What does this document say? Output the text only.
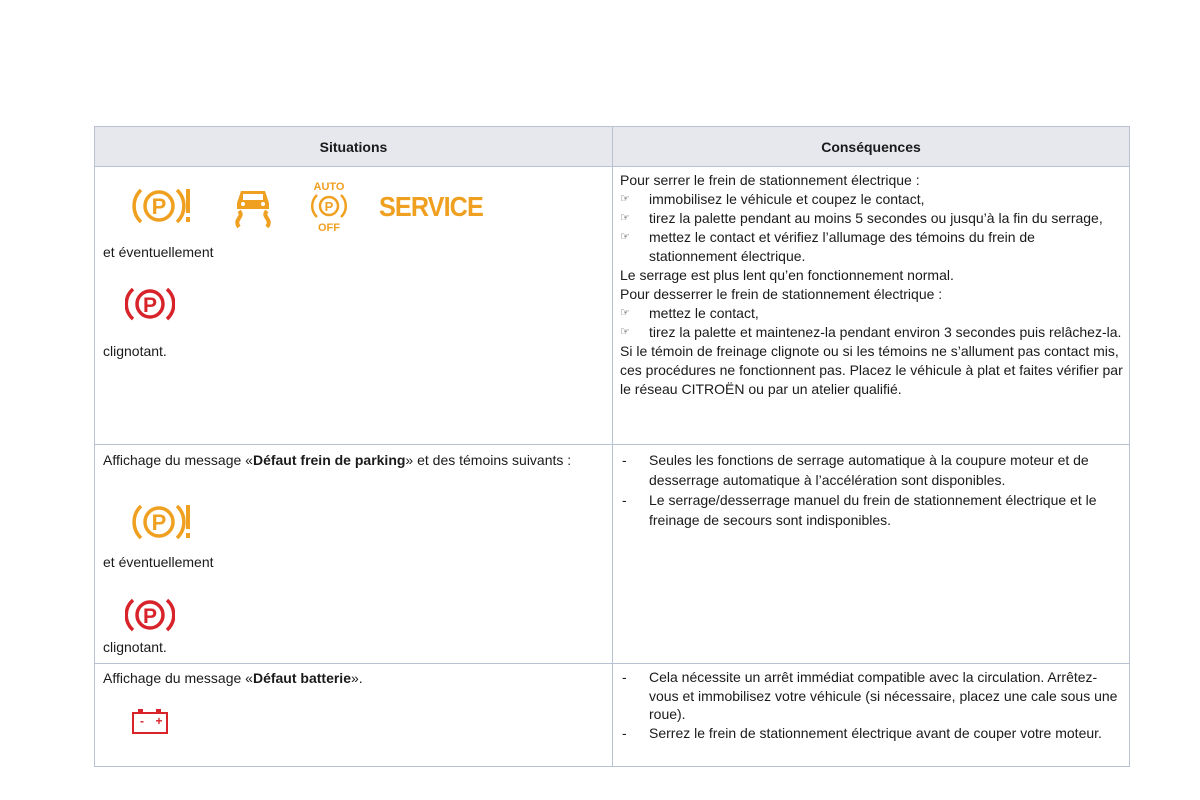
Situations	Conséquences
P
AUTO
P
OFF
SERVICE
et éventuellement
P
clignotant.
Pour serrer le frein de stationnement électrique :
☞ immobilisez le véhicule et coupez le contact,
☞ tirez la palette pendant au moins 5 secondes ou jusqu’à la fin du serrage,
☞ mettez le contact et vérifiez l’allumage des témoins du frein de stationnement électrique.
Le serrage est plus lent qu’en fonctionnement normal.
Pour desserrer le frein de stationnement électrique :
☞ mettez le contact,
☞ tirez la palette et maintenez-la pendant environ 3 secondes puis relâchez-la.
Si le témoin de freinage clignote ou si les témoins ne s’allument pas contact mis, ces procédures ne fonctionnent pas. Placez le véhicule à plat et faites vérifier par le réseau CITROËN ou par un atelier qualifié.
Affichage du message «Défaut frein de parking» et des témoins suivants :
P
et éventuellement
P
clignotant.
- Seules les fonctions de serrage automatique à la coupure moteur et de desserrage automatique à l’accélération sont disponibles.
- Le serrage/desserrage manuel du frein de stationnement électrique et le freinage de secours sont indisponibles.
Affichage du message «Défaut batterie».
- +
- Cela nécessite un arrêt immédiat compatible avec la circulation. Arrêtez-vous et immobilisez votre véhicule (si nécessaire, placez une cale sous une roue).
- Serrez le frein de stationnement électrique avant de couper votre moteur.
